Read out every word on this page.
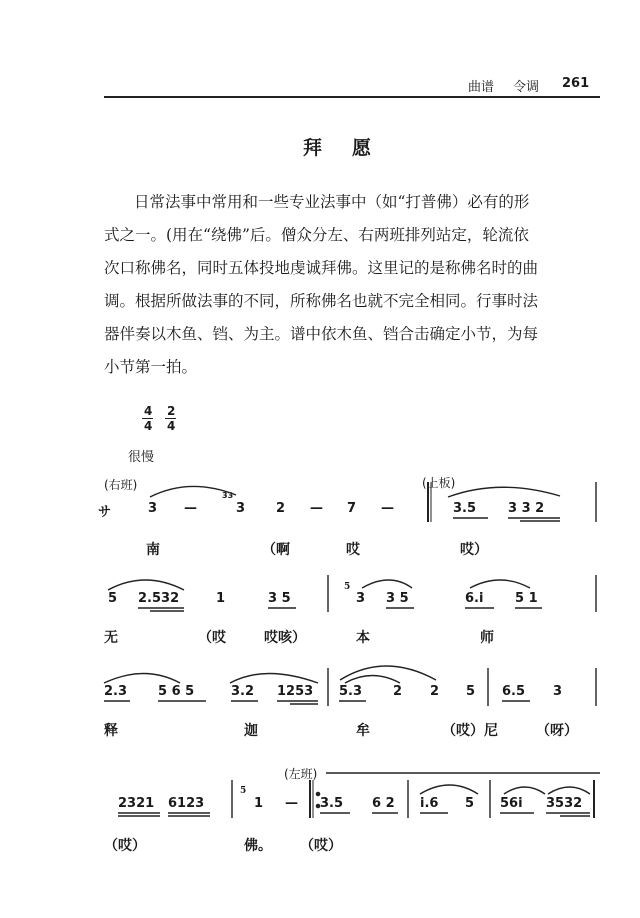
曲谱 令调 261
拜 愿
日常法事中常用和一些专业法事中（如“打普佛）必有的形
式之一。(用在“绕佛”后。僧众分左、右两班排列站定，轮流依
次口称佛名，同时五体投地虔诚拜佛。这里记的是称佛名时的曲
调。根据所做法事的不同，所称佛名也就不完全相同。行事时法
器伴奏以木鱼、铛、为主。谱中依木鱼、铛合击确定小节，为每
小节第一拍。
4
4
2
4
很慢
(右班)	(上板)
(左班)
33
サ	3 —	3 2 — 7 —	3.5 3 3 2
南	（啊	哎	哎）
5 2.532	1	3 5	3 3 5	6.i 5 1
5
无	（哎	哎咳）	本	师
2.3 5 6 5	3.2 1253 5.3 2 2 5 6.5 3
释	迦	牟	（哎）尼	（呀）
2321 6123	1 — 3.5 6 2 i.6 5 56i 3532
5
（哎）	佛。 （哎）
